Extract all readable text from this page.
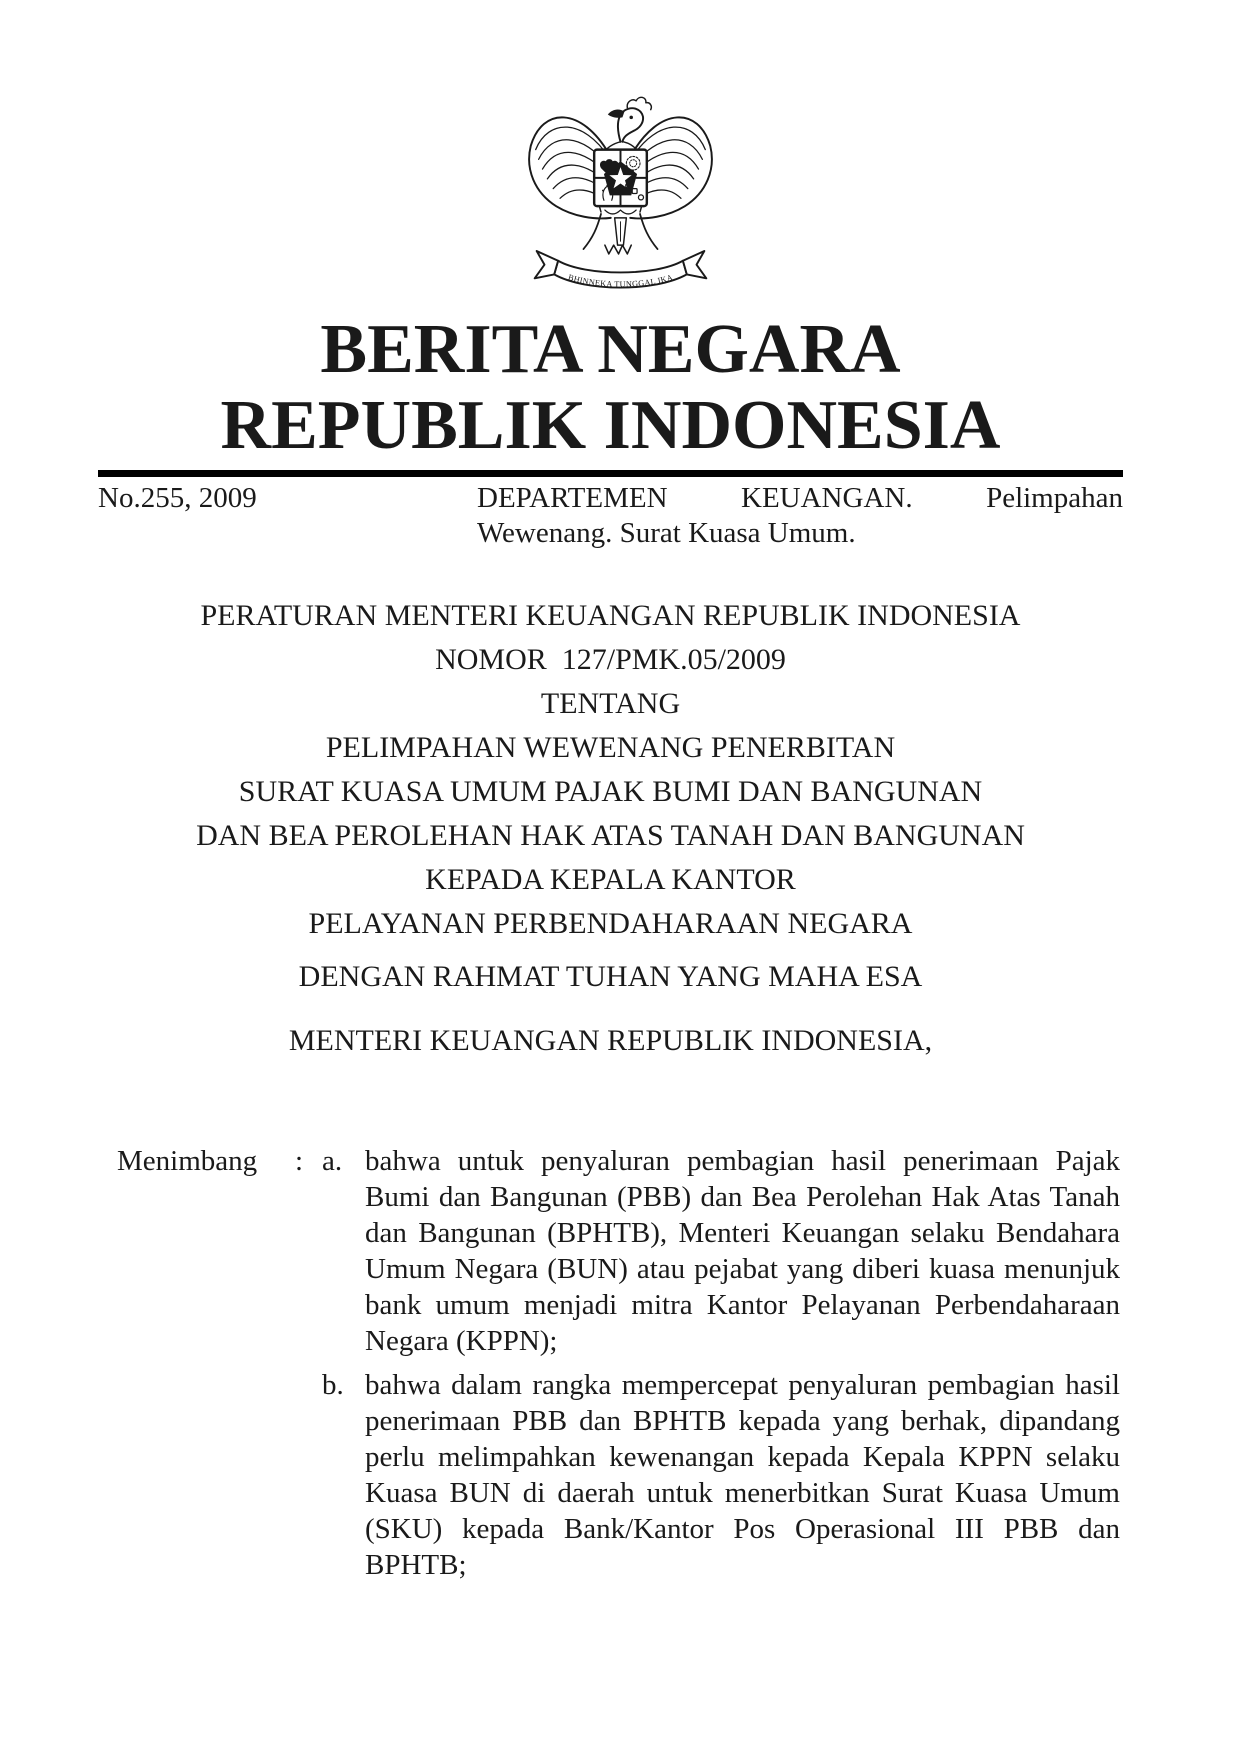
BHINNEKA TUNGGAL IKA
BERITA NEGARA
REPUBLIK INDONESIA
No.255, 2009	DEPARTEMEN	KEUANGAN.	Pelimpahan
Wewenang. Surat Kuasa Umum.
PERATURAN MENTERI KEUANGAN REPUBLIK INDONESIA
NOMOR  127/PMK.05/2009
TENTANG
PELIMPAHAN WEWENANG PENERBITAN
SURAT KUASA UMUM PAJAK BUMI DAN BANGUNAN
DAN BEA PEROLEHAN HAK ATAS TANAH DAN BANGUNAN
KEPADA KEPALA KANTOR
PELAYANAN PERBENDAHARAAN NEGARA
DENGAN RAHMAT TUHAN YANG MAHA ESA
MENTERI KEUANGAN REPUBLIK INDONESIA,
Menimbang	: a. bahwa untuk penyaluran pembagian hasil penerimaan Pajak Bumi dan Bangunan (PBB) dan Bea Perolehan Hak Atas Tanah dan Bangunan (BPHTB), Menteri Keuangan selaku Bendahara Umum Negara (BUN) atau pejabat yang diberi kuasa menunjuk bank umum menjadi mitra Kantor Pelayanan Perbendaharaan Negara (KPPN);
b. bahwa dalam rangka mempercepat penyaluran pembagian hasil penerimaan PBB dan BPHTB kepada yang berhak, dipandang perlu melimpahkan kewenangan kepada Kepala KPPN selaku Kuasa BUN di daerah untuk menerbitkan Surat Kuasa Umum (SKU) kepada Bank/Kantor Pos Operasional III PBB dan BPHTB;
